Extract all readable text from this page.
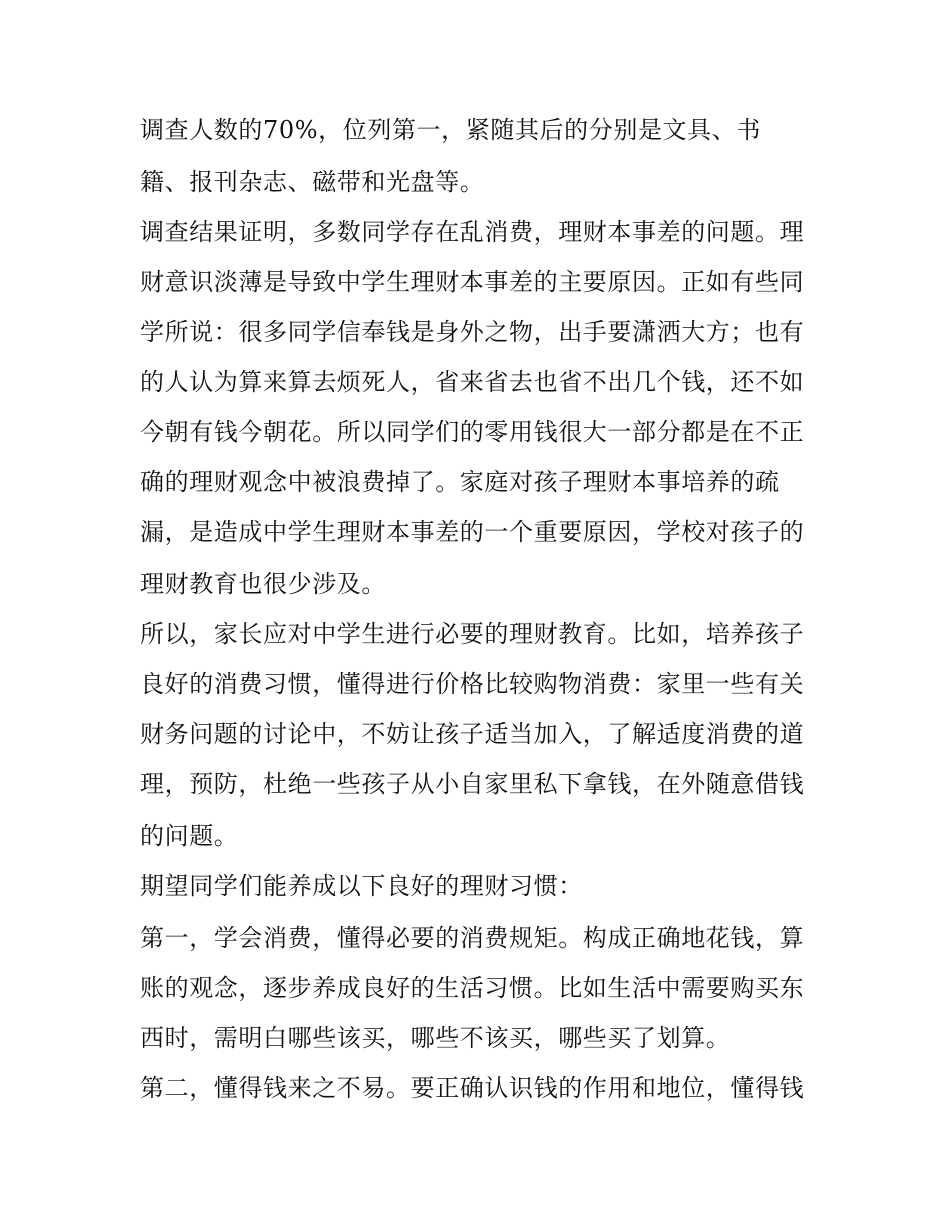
调查人数的70%，位列第一，紧随其后的分别是文具、书
籍、报刊杂志、磁带和光盘等。
调查结果证明，多数同学存在乱消费，理财本事差的问题。理
财意识淡薄是导致中学生理财本事差的主要原因。正如有些同
学所说：很多同学信奉钱是身外之物，出手要潇洒大方；也有
的人认为算来算去烦死人，省来省去也省不出几个钱，还不如
今朝有钱今朝花。所以同学们的零用钱很大一部分都是在不正
确的理财观念中被浪费掉了。家庭对孩子理财本事培养的疏
漏，是造成中学生理财本事差的一个重要原因，学校对孩子的
理财教育也很少涉及。
所以，家长应对中学生进行必要的理财教育。比如，培养孩子
良好的消费习惯，懂得进行价格比较购物消费：家里一些有关
财务问题的讨论中，不妨让孩子适当加入，了解适度消费的道
理，预防，杜绝一些孩子从小自家里私下拿钱，在外随意借钱
的问题。
期望同学们能养成以下良好的理财习惯：
第一，学会消费，懂得必要的消费规矩。构成正确地花钱，算
账的观念，逐步养成良好的生活习惯。比如生活中需要购买东
西时，需明白哪些该买，哪些不该买，哪些买了划算。
第二，懂得钱来之不易。要正确认识钱的作用和地位，懂得钱
